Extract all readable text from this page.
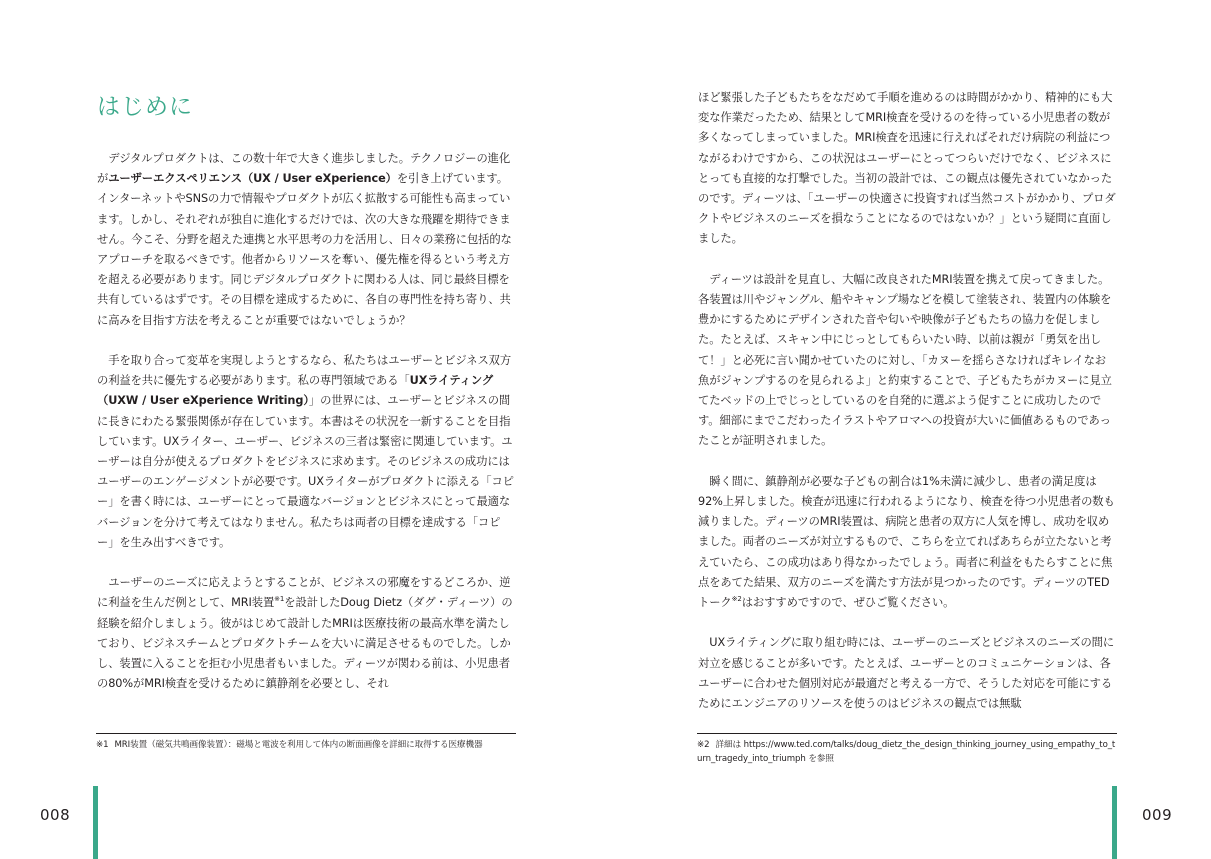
はじめに

デジタルプロダクトは、この数十年で大きく進歩しました。テクノロジーの進化がユーザーエクスペリエンス（UX / User eXperience）を引き上げています。インターネットやSNSの力で情報やプロダクトが広く拡散する可能性も高まっています。しかし、それぞれが独自に進化するだけでは、次の大きな飛躍を期待できません。今こそ、分野を超えた連携と水平思考の力を活用し、日々の業務に包括的なアプローチを取るべきです。他者からリソースを奪い、優先権を得るという考え方を超える必要があります。同じデジタルプロダクトに関わる人は、同じ最終目標を共有しているはずです。その目標を達成するために、各自の専門性を持ち寄り、共に高みを目指す方法を考えることが重要ではないでしょうか？

手を取り合って変革を実現しようとするなら、私たちはユーザーとビジネス双方の利益を共に優先する必要があります。私の専門領域である「UXライティング（UXW / User eXperience Writing）」の世界には、ユーザーとビジネスの間に長きにわたる緊張関係が存在しています。本書はその状況を一新することを目指しています。UXライター、ユーザー、ビジネスの三者は緊密に関連しています。ユーザーは自分が使えるプロダクトをビジネスに求めます。そのビジネスの成功にはユーザーのエンゲージメントが必要です。UXライターがプロダクトに添える「コピー」を書く時には、ユーザーにとって最適なバージョンとビジネスにとって最適なバージョンを分けて考えてはなりません。私たちは両者の目標を達成する「コピー」を生み出すべきです。

ユーザーのニーズに応えようとすることが、ビジネスの邪魔をするどころか、逆に利益を生んだ例として、MRI装置$^{※1}$を設計したDoug Dietz（ダグ・ディーツ）の経験を紹介しましょう。彼がはじめて設計したMRIは医療技術の最高水準を満たしており、ビジネスチームとプロダクトチームを大いに満足させるものでした。しかし、装置に入ることを拒む小児患者もいました。ディーツが関わる前は、小児患者の80%がMRI検査を受けるために鎮静剤を必要とし、それ

※1 MRI装置（磁気共鳴画像装置）：磁場と電波を利用して体内の断面画像を詳細に取得する医療機器
008

ほど緊張した子どもたちをなだめて手順を進めるのは時間がかかり、精神的にも大変な作業だったため、結果としてMRI検査を受けるのを待っている小児患者の数が多くなってしまっていました。MRI検査を迅速に行えればそれだけ病院の利益につながるわけですから、この状況はユーザーにとってつらいだけでなく、ビジネスにとっても直接的な打撃でした。当初の設計では、この観点は優先されていなかったのです。ディーツは、「ユーザーの快適さに投資すれば当然コストがかかり、プロダクトやビジネスのニーズを損なうことになるのではないか？」という疑問に直面しました。

ディーツは設計を見直し、大幅に改良されたMRI装置を携えて戻ってきました。各装置は川やジャングル、船やキャンプ場などを模して塗装され、装置内の体験を豊かにするためにデザインされた音や匂いや映像が子どもたちの協力を促しました。たとえば、スキャン中にじっとしてもらいたい時、以前は親が「勇気を出して！」と必死に言い聞かせていたのに対し、「カヌーを揺らさなければキレイなお魚がジャンプするのを見られるよ」と約束することで、子どもたちがカヌーに見立てたベッドの上でじっとしているのを自発的に選ぶよう促すことに成功したのです。細部にまでこだわったイラストやアロマへの投資が大いに価値あるものであったことが証明されました。

瞬く間に、鎮静剤が必要な子どもの割合は1%未満に減少し、患者の満足度は92%上昇しました。検査が迅速に行われるようになり、検査を待つ小児患者の数も減りました。ディーツのMRI装置は、病院と患者の双方に人気を博し、成功を収めました。両者のニーズが対立するもので、こちらを立てればあちらが立たないと考えていたら、この成功はあり得なかったでしょう。両者に利益をもたらすことに焦点をあてた結果、双方のニーズを満たす方法が見つかったのです。ディーツのTEDトーク$^{※2}$はおすすめですので、ぜひご覧ください。

UXライティングに取り組む時には、ユーザーのニーズとビジネスのニーズの間に対立を感じることが多いです。たとえば、ユーザーとのコミュニケーションは、各ユーザーに合わせた個別対応が最適だと考える一方で、そうした対応を可能にするためにエンジニアのリソースを使うのはビジネスの観点では無駄

※2 詳細は https://www.ted.com/talks/doug_dietz_the_design_thinking_journey_using_empathy_to_turn_tragedy_into_triumph を参照
009
